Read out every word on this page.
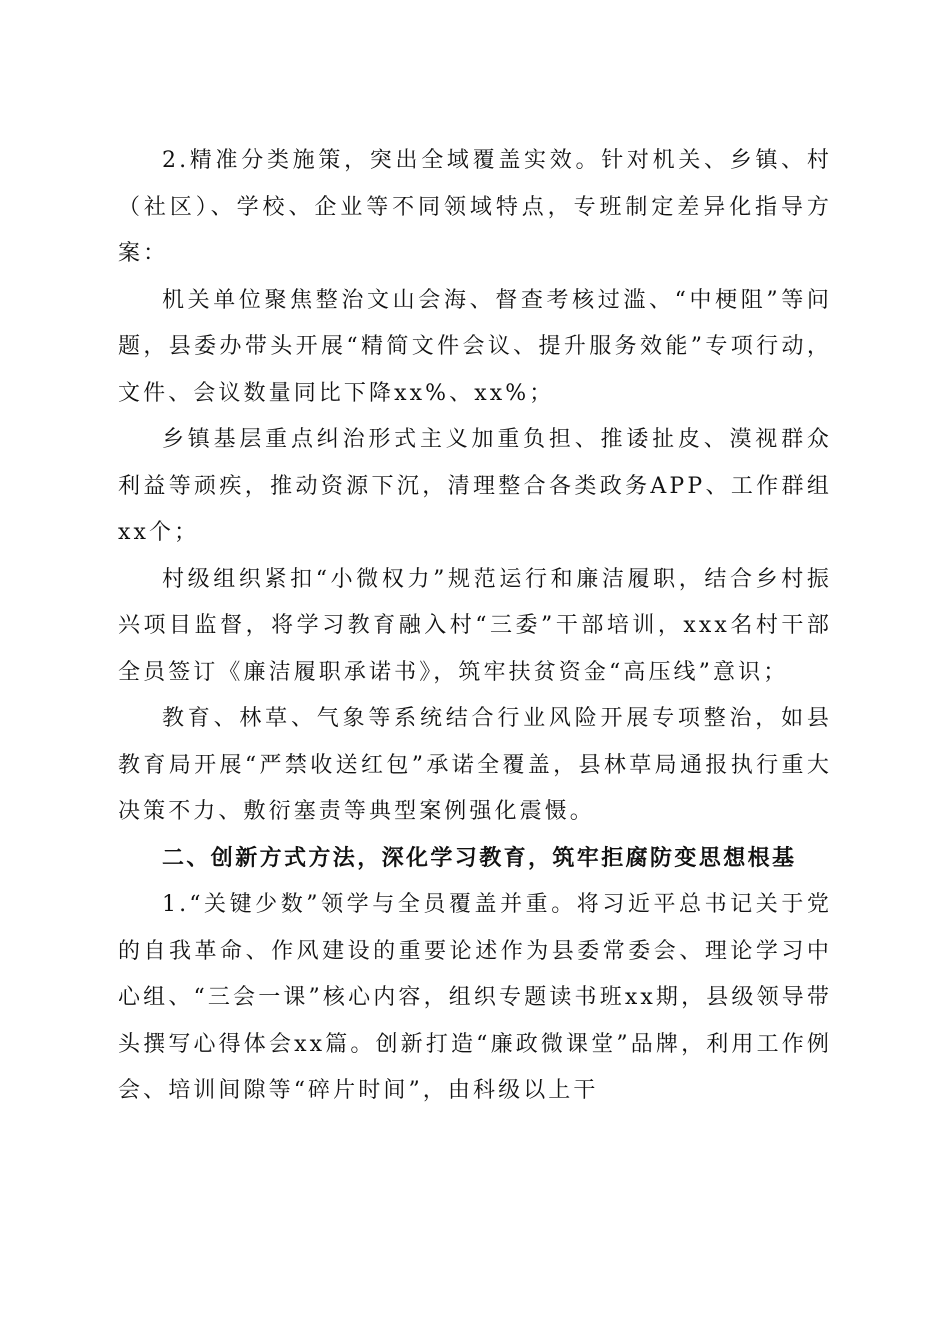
2.精准分类施策，突出全域覆盖实效。针对机关、乡镇、村（社区）、学校、企业等不同领域特点，专班制定差异化指导方案：

机关单位聚焦整治文山会海、督查考核过滥、“中梗阻”等问题，县委办带头开展“精简文件会议、提升服务效能”专项行动，文件、会议数量同比下降xx%、xx%；

乡镇基层重点纠治形式主义加重负担、推诿扯皮、漠视群众利益等顽疾，推动资源下沉，清理整合各类政务APP、工作群组xx个；

村级组织紧扣“小微权力”规范运行和廉洁履职，结合乡村振兴项目监督，将学习教育融入村“三委”干部培训，xxx名村干部全员签订《廉洁履职承诺书》，筑牢扶贫资金“高压线”意识；

教育、林草、气象等系统结合行业风险开展专项整治，如县教育局开展“严禁收送红包”承诺全覆盖，县林草局通报执行重大决策不力、敷衍塞责等典型案例强化震慑。

二、创新方式方法，深化学习教育，筑牢拒腐防变思想根基

1.“关键少数”领学与全员覆盖并重。将习近平总书记关于党的自我革命、作风建设的重要论述作为县委常委会、理论学习中心组、“三会一课”核心内容，组织专题读书班xx期，县级领导带头撰写心得体会xx篇。创新打造“廉政微课堂”品牌，利用工作例会、培训间隙等“碎片时间”，由科级以上干
